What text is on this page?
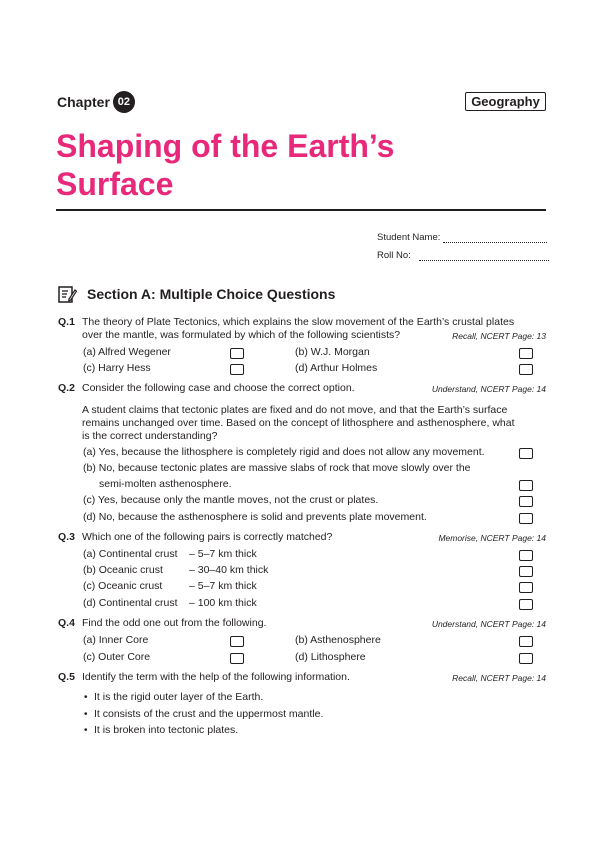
Chapter 02	Geography
Shaping of the Earth’s
Surface
Student Name:
Roll No:
Section A: Multiple Choice Questions
Q.1 The theory of Plate Tectonics, which explains the slow movement of the Earth’s crustal plates
over the mantle, was formulated by which of the following scientists?	Recall, NCERT Page: 13
(a) Alfred Wegener	(b) W.J. Morgan
(c) Harry Hess	(d) Arthur Holmes
Q.2 Consider the following case and choose the correct option.	Understand, NCERT Page: 14
A student claims that tectonic plates are fixed and do not move, and that the Earth’s surface
remains unchanged over time. Based on the concept of lithosphere and asthenosphere, what
is the correct understanding?
(a) Yes, because the lithosphere is completely rigid and does not allow any movement.
(b) No, because tectonic plates are massive slabs of rock that move slowly over the
semi-molten asthenosphere.
(c) Yes, because only the mantle moves, not the crust or plates.
(d) No, because the asthenosphere is solid and prevents plate movement.
Q.3 Which one of the following pairs is correctly matched?	Memorise, NCERT Page: 14
(a) Continental crust – 5–7 km thick
(b) Oceanic crust – 30–40 km thick
(c) Oceanic crust	– 5–7 km thick
(d) Continental crust – 100 km thick
Q.4 Find the odd one out from the following.	Understand, NCERT Page: 14
(a) Inner Core	(b) Asthenosphere
(c) Outer Core	(d) Lithosphere
Q.5 Identify the term with the help of the following information.	Recall, NCERT Page: 14
• It is the rigid outer layer of the Earth.
• It consists of the crust and the uppermost mantle.
• It is broken into tectonic plates.
